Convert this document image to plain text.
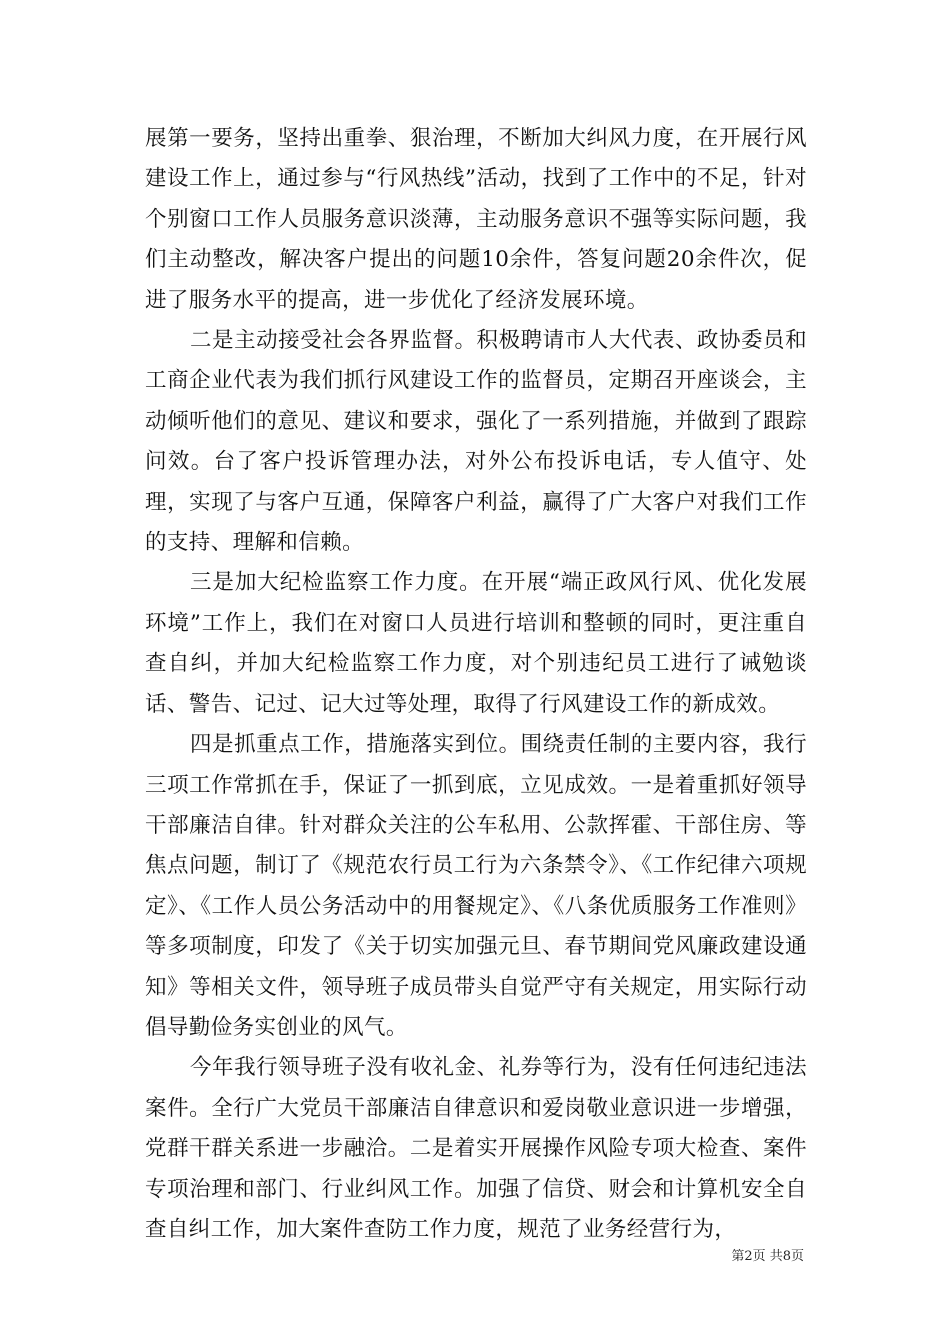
展第一要务，坚持出重拳、狠治理，不断加大纠风力度，在开展行风建设工作上，通过参与“行风热线”活动，找到了工作中的不足，针对个别窗口工作人员服务意识淡薄，主动服务意识不强等实际问题，我们主动整改，解决客户提出的问题10余件，答复问题20余件次，促进了服务水平的提高，进一步优化了经济发展环境。

二是主动接受社会各界监督。积极聘请市人大代表、政协委员和工商企业代表为我们抓行风建设工作的监督员，定期召开座谈会，主动倾听他们的意见、建议和要求，强化了一系列措施，并做到了跟踪问效。台了客户投诉管理办法，对外公布投诉电话，专人值守、处理，实现了与客户互通，保障客户利益，赢得了广大客户对我们工作的支持、理解和信赖。

三是加大纪检监察工作力度。在开展“端正政风行风、优化发展环境”工作上，我们在对窗口人员进行培训和整顿的同时，更注重自查自纠，并加大纪检监察工作力度，对个别违纪员工进行了诫勉谈话、警告、记过、记大过等处理，取得了行风建设工作的新成效。

四是抓重点工作，措施落实到位。围绕责任制的主要内容，我行三项工作常抓在手，保证了一抓到底，立见成效。一是着重抓好领导干部廉洁自律。针对群众关注的公车私用、公款挥霍、干部住房、等焦点问题，制订了《规范农行员工行为六条禁令》、《工作纪律六项规定》、《工作人员公务活动中的用餐规定》、《八条优质服务工作准则》等多项制度，印发了《关于切实加强元旦、春节期间党风廉政建设通知》等相关文件，领导班子成员带头自觉严守有关规定，用实际行动倡导勤俭务实创业的风气。

今年我行领导班子没有收礼金、礼券等行为，没有任何违纪违法案件。全行广大党员干部廉洁自律意识和爱岗敬业意识进一步增强，党群干群关系进一步融洽。二是着实开展操作风险专项大检查、案件专项治理和部门、行业纠风工作。加强了信贷、财会和计算机安全自查自纠工作，加大案件查防工作力度，规范了业务经营行为，

第2页 共8页
